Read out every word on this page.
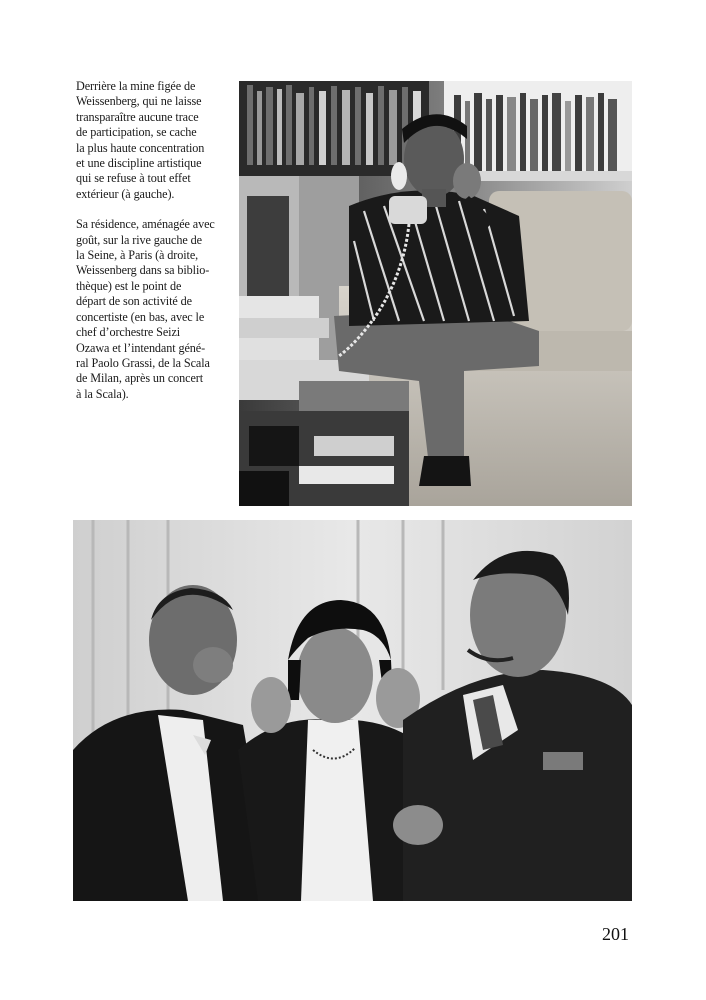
Derrière la mine figée de
Weissenberg, qui ne laisse
transparaître aucune trace
de participation, se cache
la plus haute concentration
et une discipline artistique
qui se refuse à tout effet
extérieur (à gauche).

Sa résidence, aménagée avec
goût, sur la rive gauche de
la Seine, à Paris (à droite,
Weissenberg dans sa biblio-
thèque) est le point de
départ de son activité de
concertiste (en bas, avec le
chef d’orchestre Seizi
Ozawa et l’intendant géné-
ral Paolo Grassi, de la Scala
de Milan, après un concert
à la Scala).

201
